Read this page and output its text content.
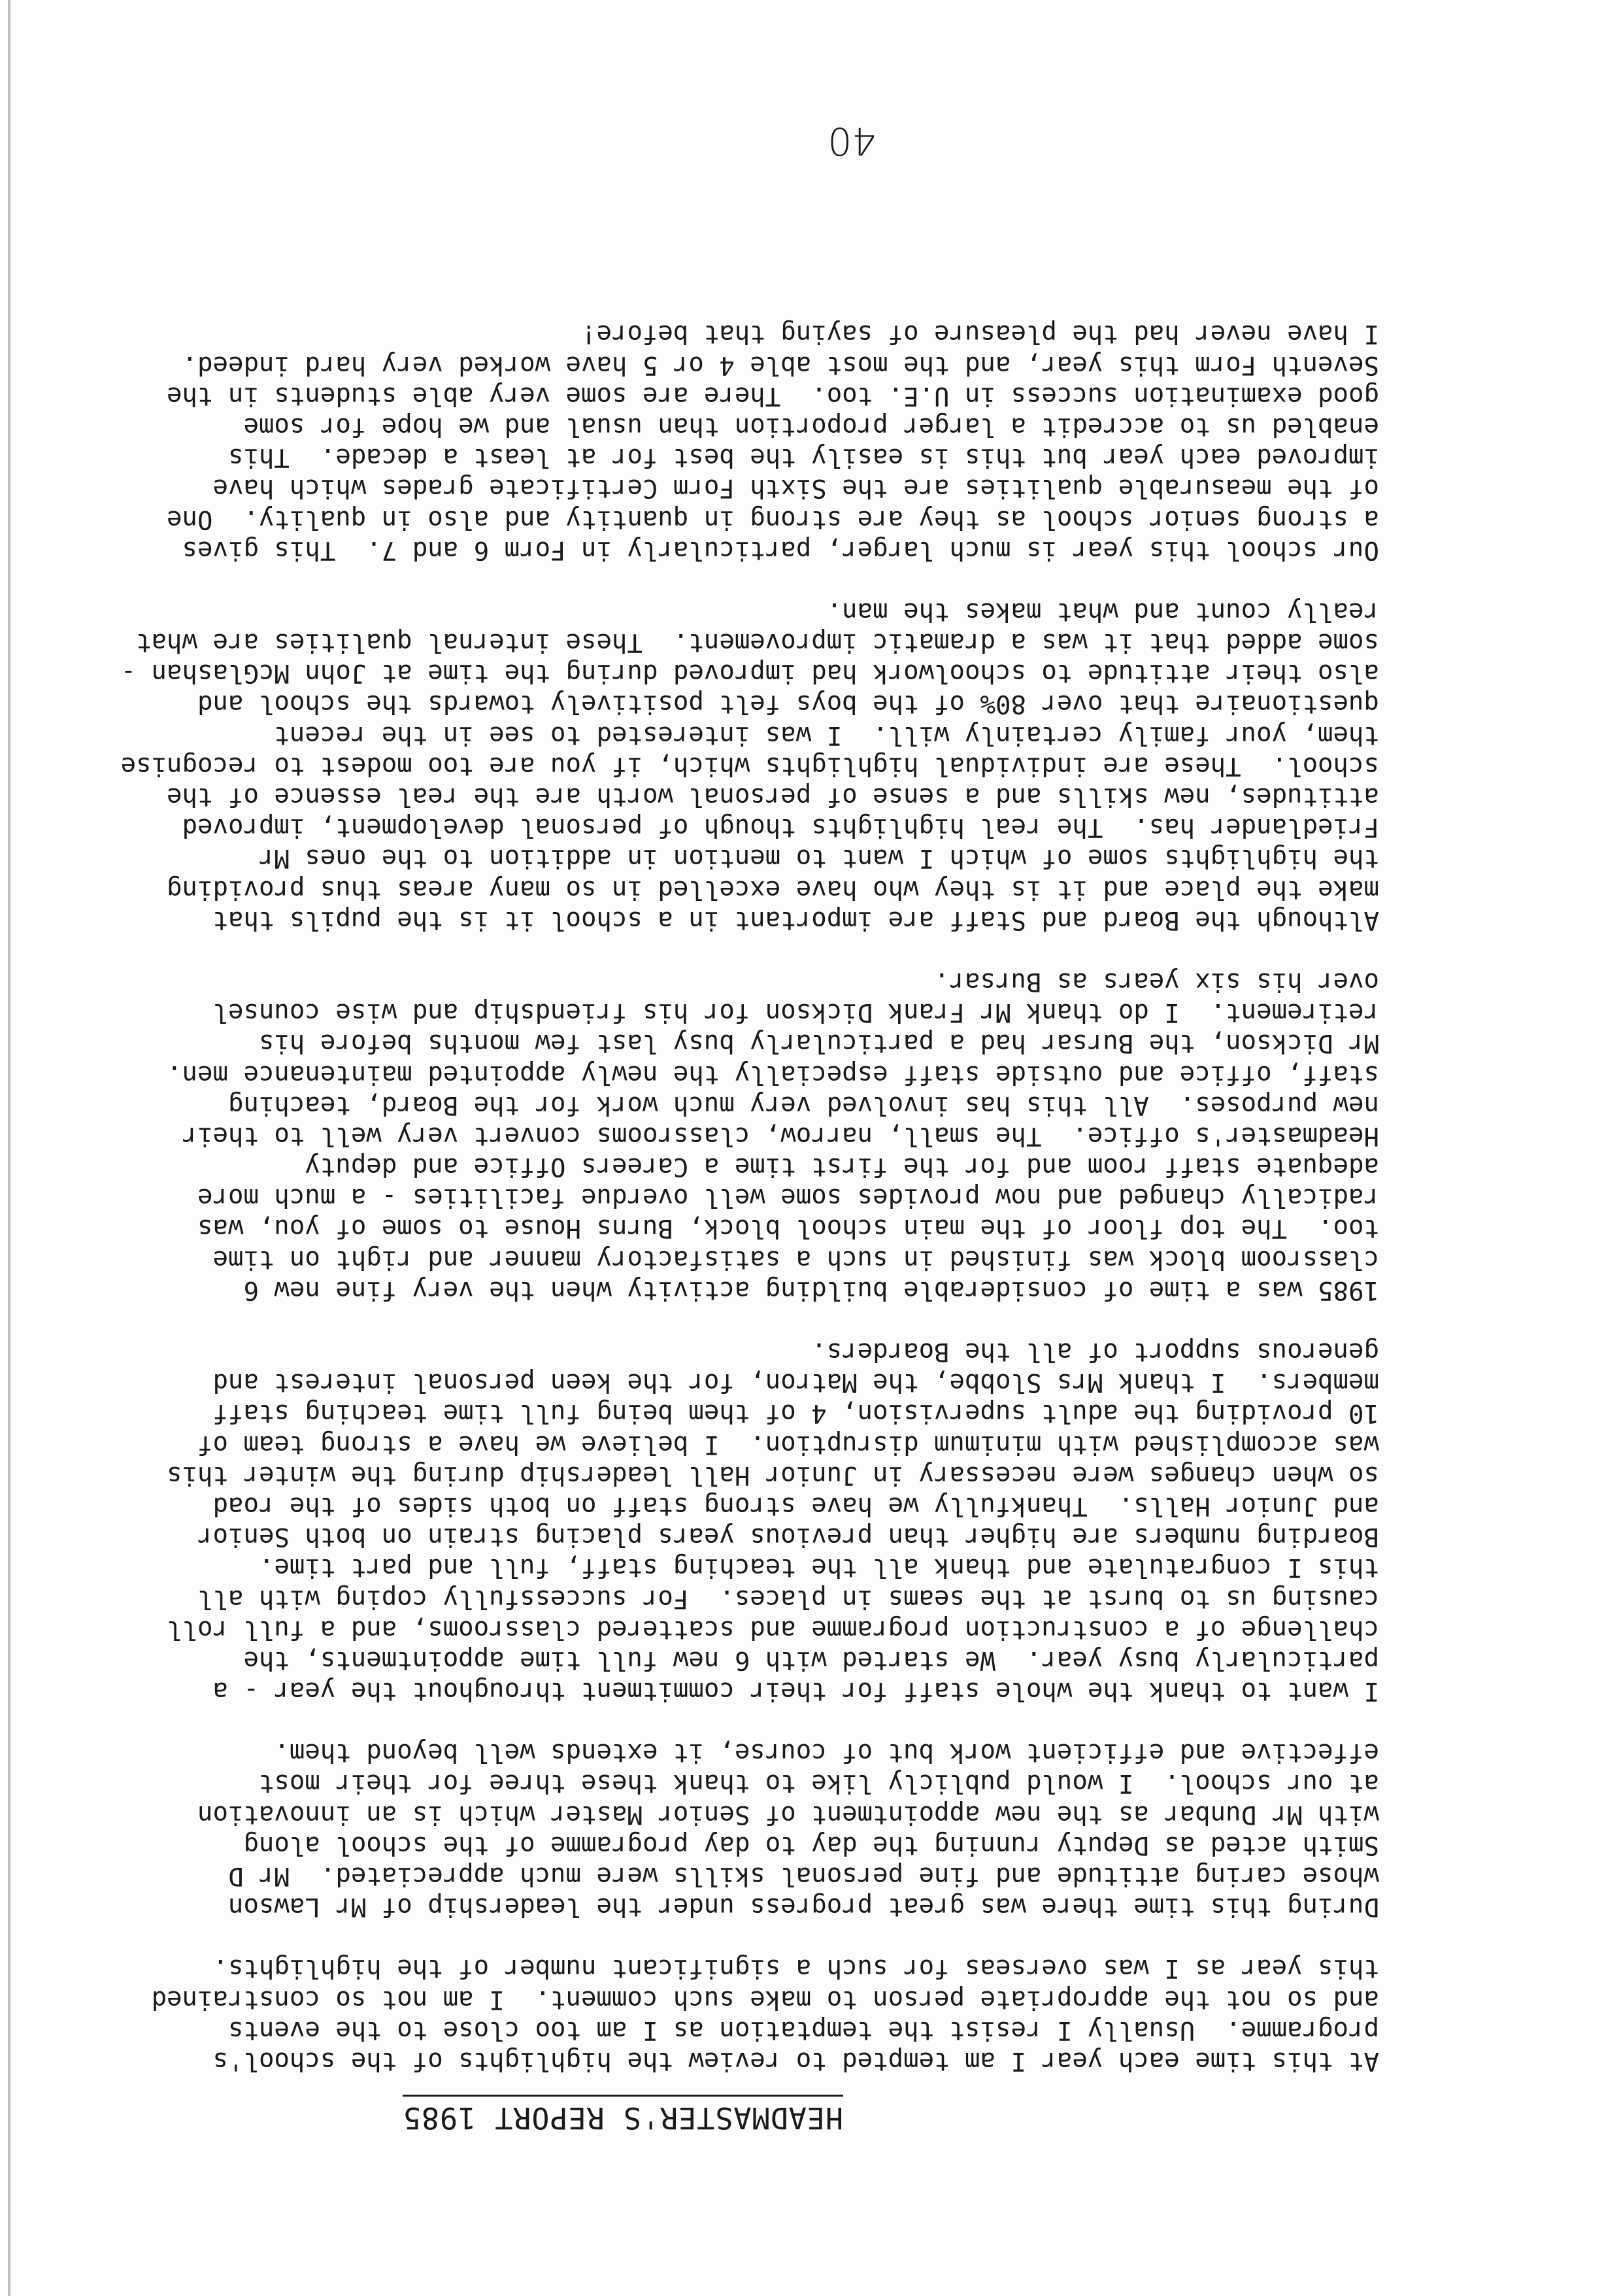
HEADMASTER'S REPORT 1985
At this time each year I am tempted to review the highlights of the school's
programme.  Usually I resist the temptation as I am too close to the events
and so not the appropriate person to make such comment.  I am not so constrained
this year as I was overseas for such a significant number of the highlights.
During this time there was great progress under the leadership of Mr Lawson
whose caring attitude and fine personal skills were much appreciated.  Mr D
Smith acted as Deputy running the day to day programme of the school along
with Mr Dunbar as the new appointment of Senior Master which is an innovation
at our school.  I would publicly like to thank these three for their most
effective and efficient work but of course, it extends well beyond them.
I want to thank the whole staff for their commitment throughout the year - a
particularly busy year.  We started with 6 new full time appointments, the
challenge of a construction programme and scattered classrooms, and a full roll
causing us to burst at the seams in places.  For successfully coping with all
this I congratulate and thank all the teaching staff, full and part time.
Boarding numbers are higher than previous years placing strain on both Senior
and Junior Halls.  Thankfully we have strong staff on both sides of the road
so when changes were necessary in Junior Hall leadership during the winter this
was accomplished with minimum disruption.  I believe we have a strong team of
10 providing the adult supervision, 4 of them being full time teaching staff
members.  I thank Mrs Slobbe, the Matron, for the keen personal interest and
generous support of all the Boarders.
1985 was a time of considerable building activity when the very fine new 6
classroom block was finished in such a satisfactory manner and right on time
too.  The top floor of the main school block, Burns House to some of you, was
radically changed and now provides some well overdue facilities - a much more
adequate staff room and for the first time a Careers Office and deputy
Headmaster's office.  The small, narrow, classrooms convert very well to their
new purposes.  All this has involved very much work for the Board, teaching
staff, office and outside staff especially the newly appointed maintenance men.
Mr Dickson, the Bursar had a particularly busy last few months before his
retirement.  I do thank Mr Frank Dickson for his friendship and wise counsel
over his six years as Bursar.
Although the Board and Staff are important in a school it is the pupils that
make the place and it is they who have excelled in so many areas thus providing
the highlights some of which I want to mention in addition to the ones Mr
Friedlander has.  The real highlights though of personal development, improved
attitudes, new skills and a sense of personal worth are the real essence of the
school.  These are individual highlights which, if you are too modest to recognise
them, your family certainly will.  I was interested to see in the recent
questionaire that over 80% of the boys felt positively towards the school and
also their attitude to schoolwork had improved during the time at John McGlashan -
some added that it was a dramatic improvement.  These internal qualities are what
really count and what makes the man.
Our school this year is much larger, particularly in Form 6 and 7.  This gives
a strong senior school as they are strong in quantity and also in quality.  One
of the measurable qualities are the Sixth Form Certificate grades which have
improved each year but this is easily the best for at least a decade.  This
enabled us to accredit a larger proportion than usual and we hope for some
good examination success in U.E. too.  There are some very able students in the
Seventh Form this year, and the most able 4 or 5 have worked very hard indeed.
I have never had the pleasure of saying that before!
40
